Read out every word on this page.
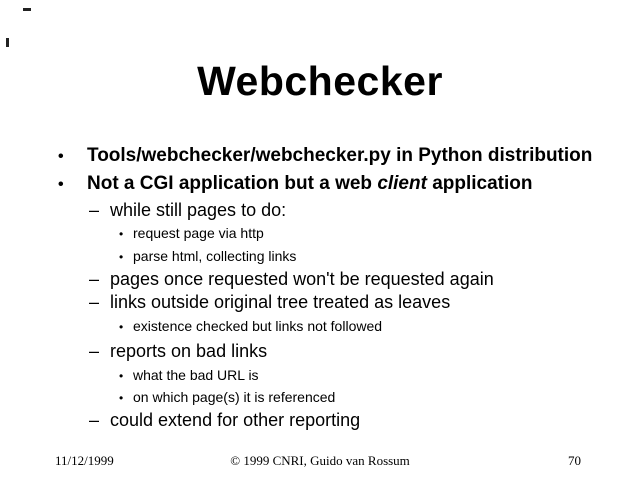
Webchecker
• Tools/webchecker/webchecker.py in Python distribution
• Not a CGI application but a web client application
– while still pages to do:
• request page via http
• parse html, collecting links
– pages once requested won't be requested again
– links outside original tree treated as leaves
• existence checked but links not followed
– reports on bad links
• what the bad URL is
• on which page(s) it is referenced
– could extend for other reporting
11/12/1999	© 1999 CNRI, Guido van Rossum	70
